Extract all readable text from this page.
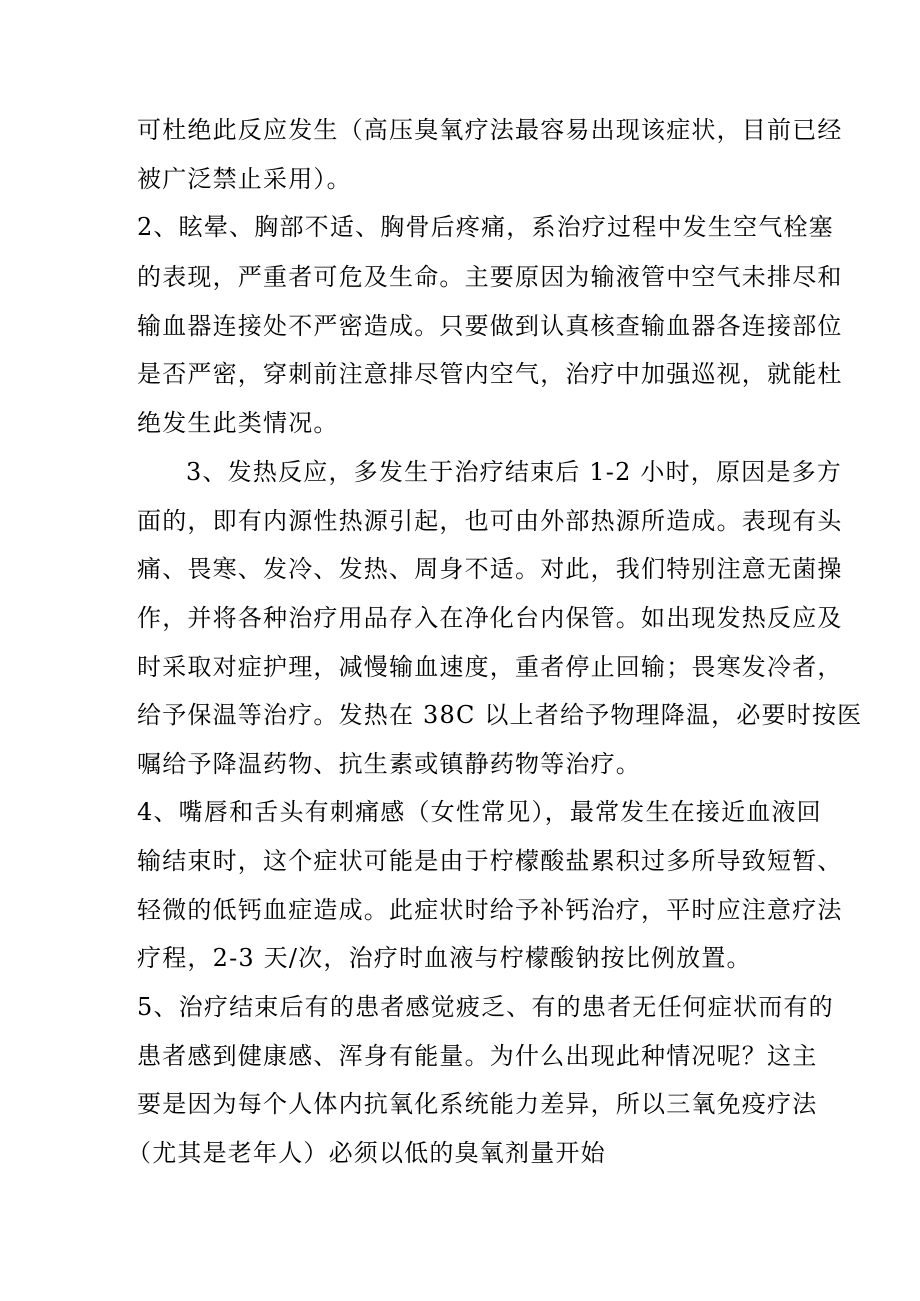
可杜绝此反应发生（高压臭氧疗法最容易出现该症状，目前已经
被广泛禁止采用）。
2、眩晕、胸部不适、胸骨后疼痛，系治疗过程中发生空气栓塞
的表现，严重者可危及生命。主要原因为输液管中空气未排尽和
输血器连接处不严密造成。只要做到认真核查输血器各连接部位
是否严密，穿刺前注意排尽管内空气，治疗中加强巡视，就能杜
绝发生此类情况。
3、发热反应，多发生于治疗结束后 1-2 小时，原因是多方
面的，即有内源性热源引起，也可由外部热源所造成。表现有头
痛、畏寒、发冷、发热、周身不适。对此，我们特别注意无菌操
作，并将各种治疗用品存入在净化台内保管。如出现发热反应及
时采取对症护理，减慢输血速度，重者停止回输；畏寒发冷者，
给予保温等治疗。发热在 38C 以上者给予物理降温，必要时按医
嘱给予降温药物、抗生素或镇静药物等治疗。
4、嘴唇和舌头有刺痛感（女性常见），最常发生在接近血液回
输结束时，这个症状可能是由于柠檬酸盐累积过多所导致短暂、
轻微的低钙血症造成。此症状时给予补钙治疗，平时应注意疗法
疗程，2-3 天/次，治疗时血液与柠檬酸钠按比例放置。
5、治疗结束后有的患者感觉疲乏、有的患者无任何症状而有的
患者感到健康感、浑身有能量。为什么出现此种情况呢？这主
要是因为每个人体内抗氧化系统能力差异，所以三氧免疫疗法
（尤其是老年人）必须以低的臭氧剂量开始
